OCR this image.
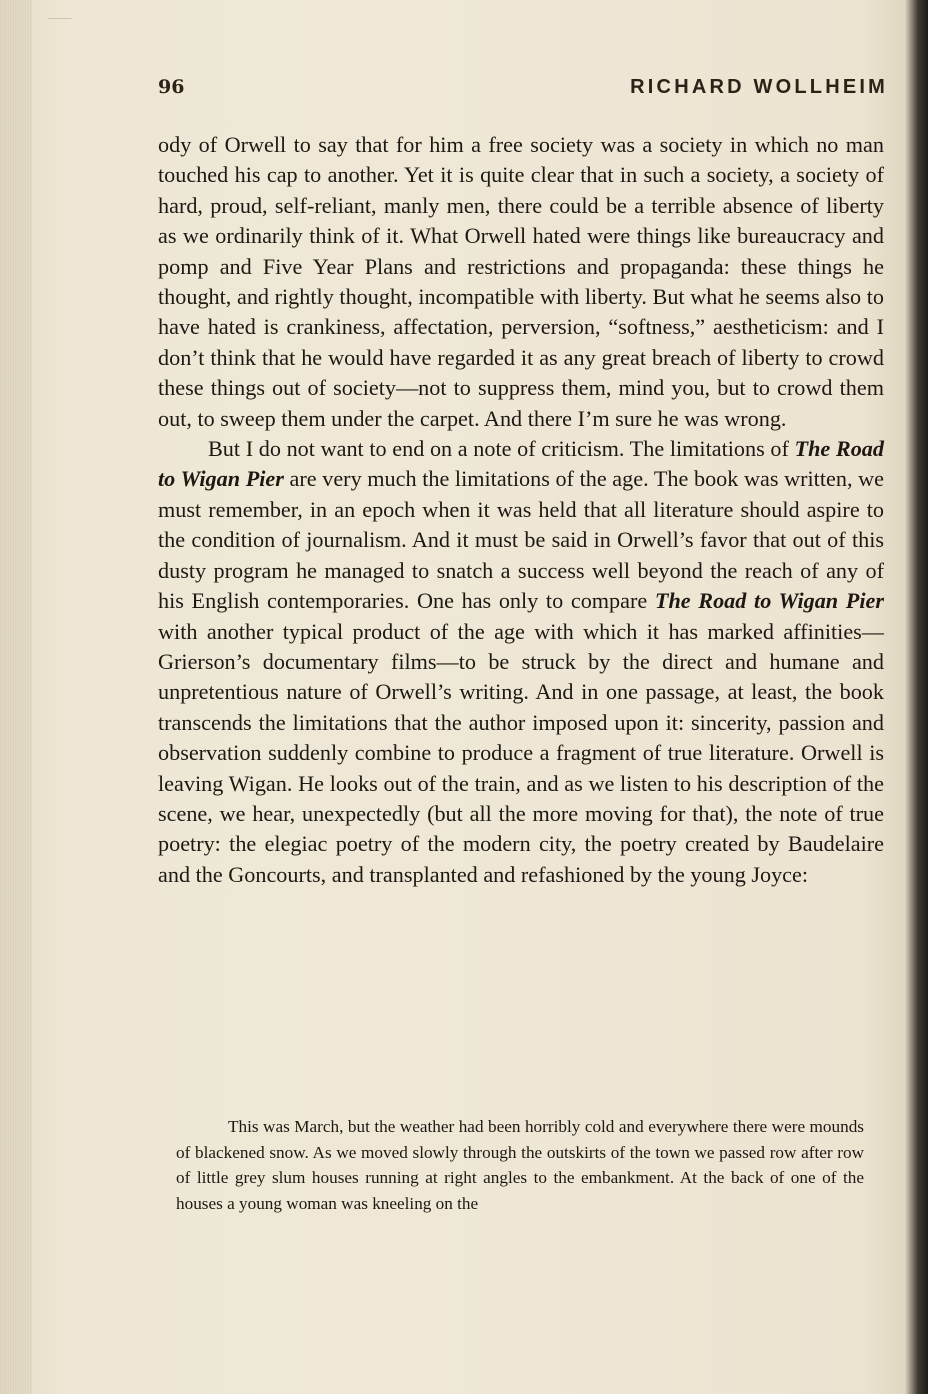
96	RICHARD WOLLHEIM

ody of Orwell to say that for him a free society was a society in which no man touched his cap to another. Yet it is quite clear that in such a society, a society of hard, proud, self-reliant, manly men, there could be a terrible absence of liberty as we ordinarily think of it. What Orwell hated were things like bureaucracy and pomp and Five Year Plans and restrictions and propaganda: these things he thought, and rightly thought, incompatible with liberty. But what he seems also to have hated is crankiness, affectation, perversion, “softness,” aestheticism: and I don’t think that he would have regarded it as any great breach of liberty to crowd these things out of society—not to suppress them, mind you, but to crowd them out, to sweep them under the carpet. And there I’m sure he was wrong.

But I do not want to end on a note of criticism. The limitations of The Road to Wigan Pier are very much the limitations of the age. The book was written, we must remember, in an epoch when it was held that all literature should aspire to the condition of journalism. And it must be said in Orwell’s favor that out of this dusty program he managed to snatch a success well beyond the reach of any of his English contemporaries. One has only to compare The Road to Wigan Pier with another typical product of the age with which it has marked affinities—Grierson’s documentary films—to be struck by the direct and humane and unpretentious nature of Orwell’s writing. And in one passage, at least, the book transcends the limitations that the author imposed upon it: sincerity, passion and observation suddenly combine to produce a fragment of true literature. Orwell is leaving Wigan. He looks out of the train, and as we listen to his description of the scene, we hear, unexpectedly (but all the more moving for that), the note of true poetry: the elegiac poetry of the modern city, the poetry created by Baudelaire and the Goncourts, and transplanted and refashioned by the young Joyce:

This was March, but the weather had been horribly cold and everywhere there were mounds of blackened snow. As we moved slowly through the outskirts of the town we passed row after row of little grey slum houses running at right angles to the embankment. At the back of one of the houses a young woman was kneeling on the
